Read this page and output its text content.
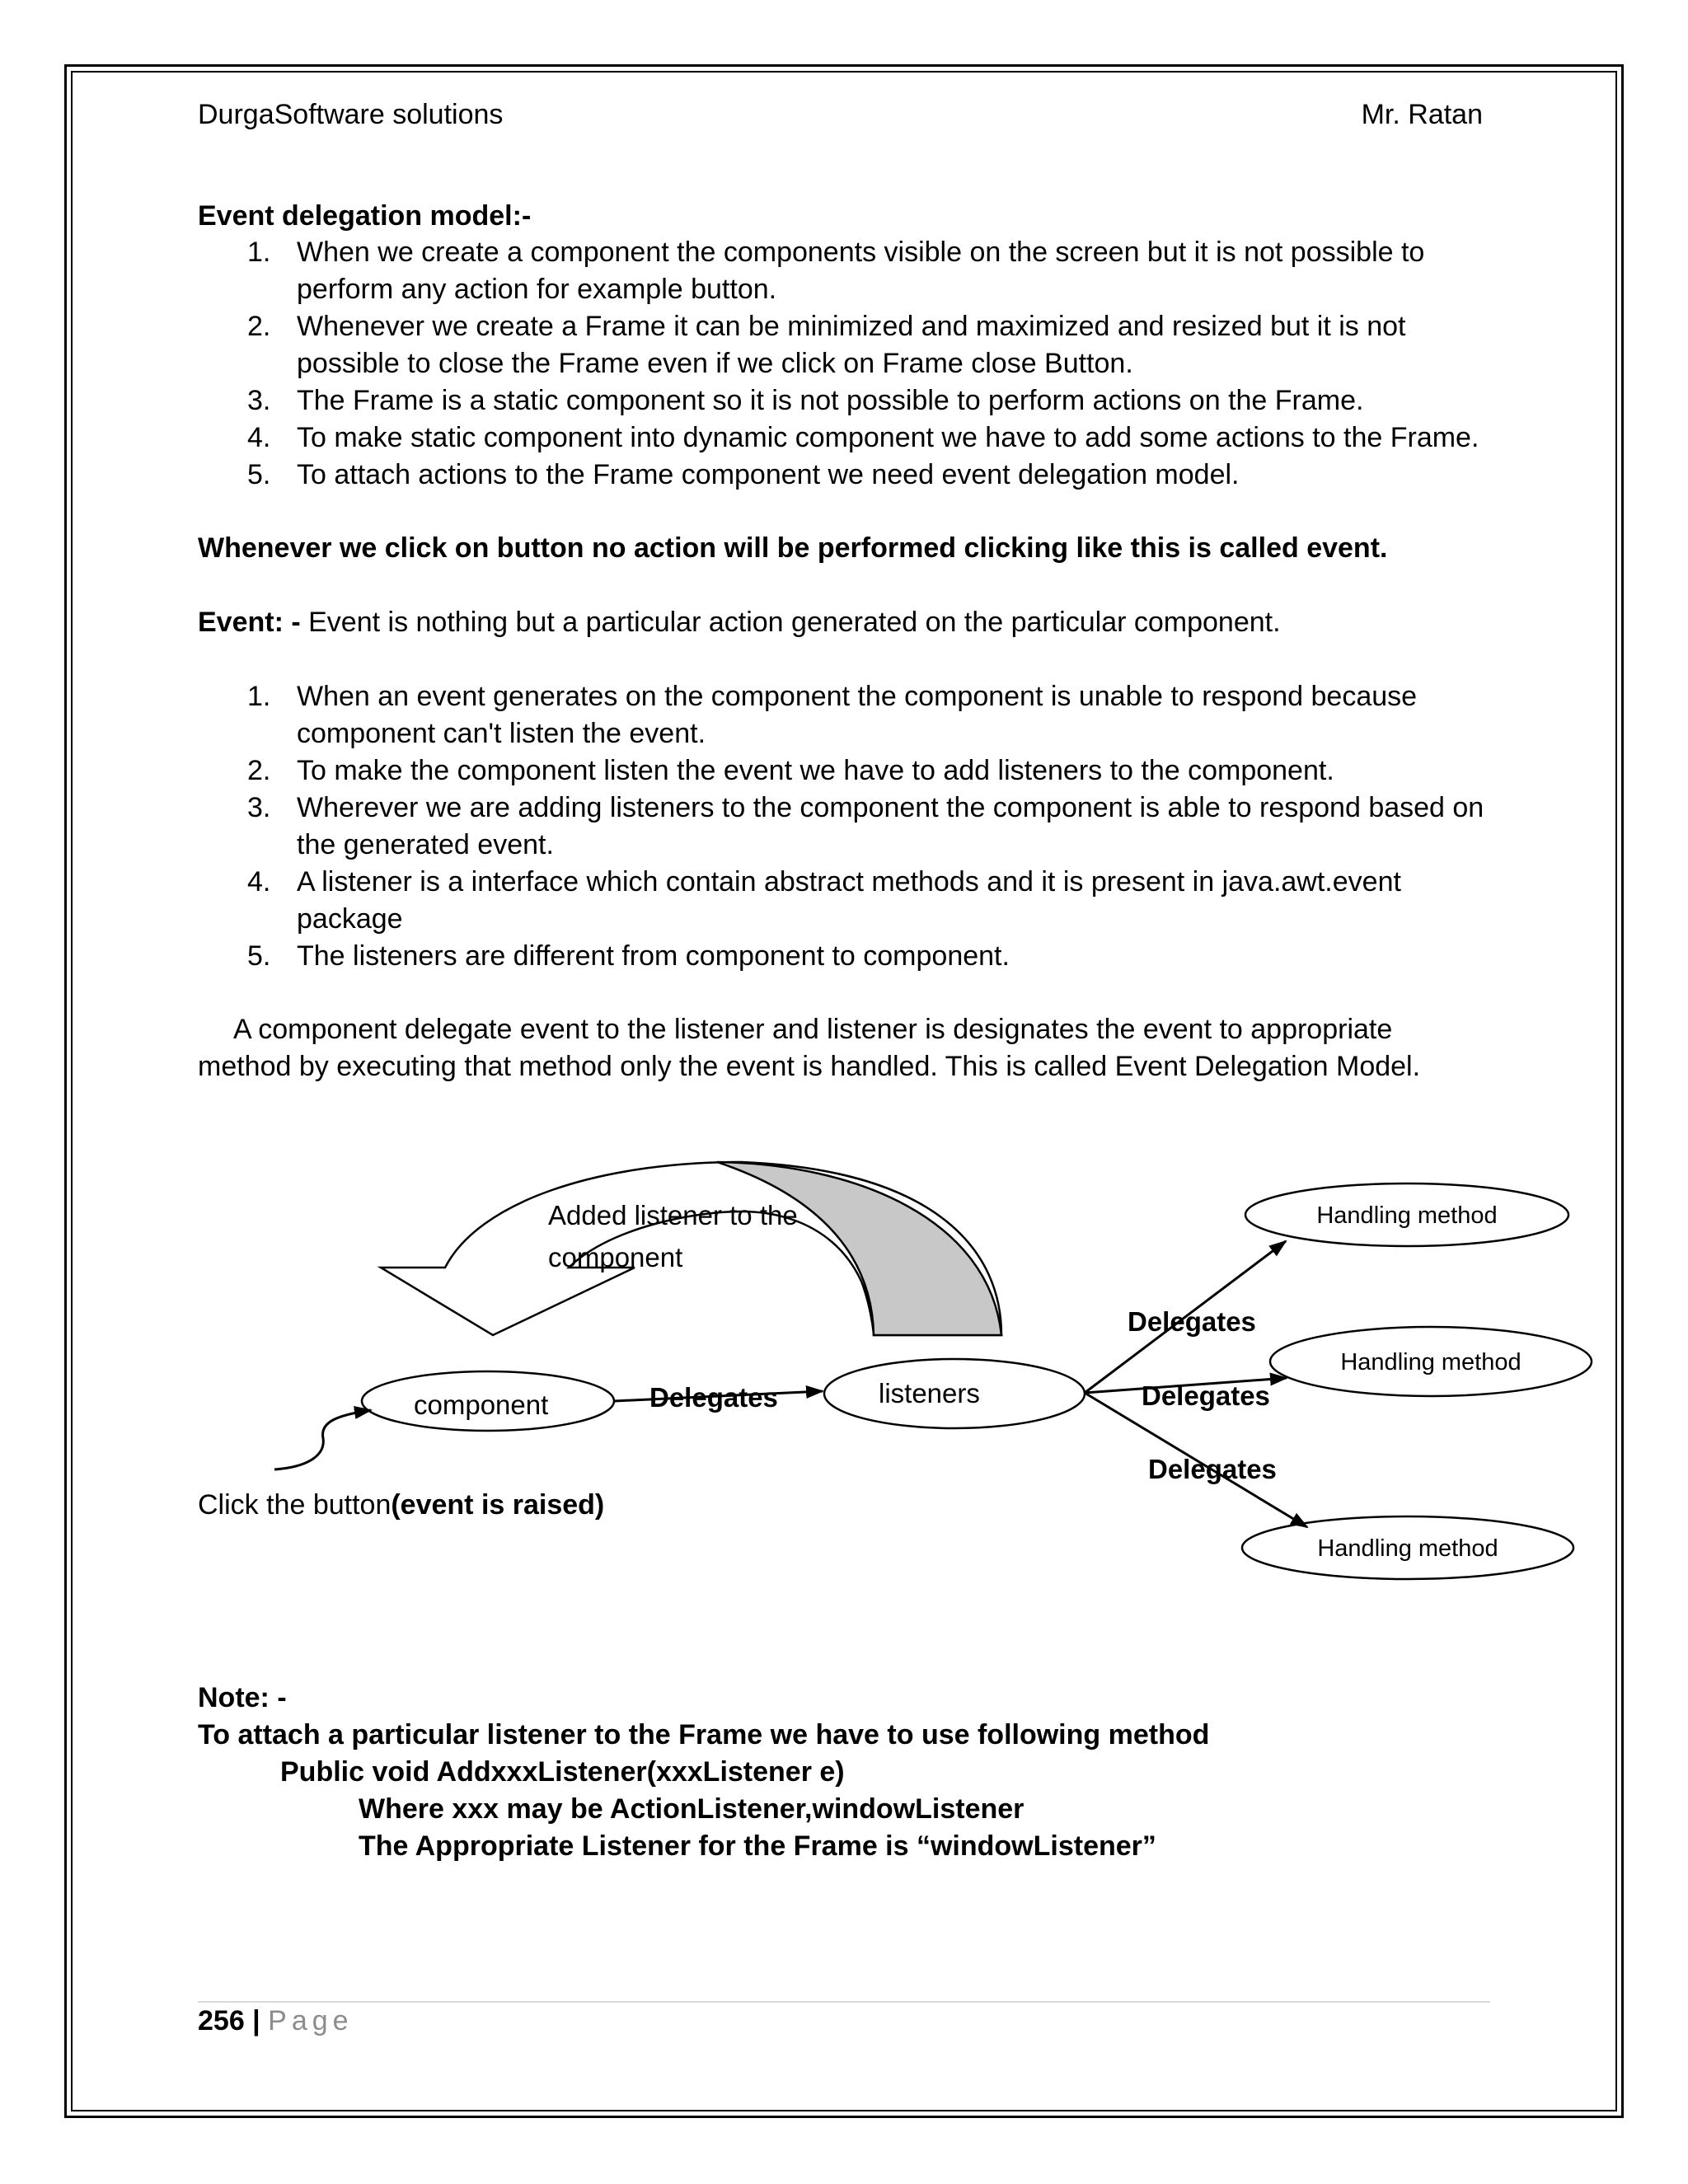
DurgaSoftware solutions	Mr. Ratan
Event delegation model:-
1. When we create a component the components visible on the screen but it is not possible to perform any action for example button.
2. Whenever we create a Frame it can be minimized and maximized and resized but it is not possible to close the Frame even if we click on Frame close Button.
3. The Frame is a static component so it is not possible to perform actions on the Frame.
4. To make static component into dynamic component we have to add some actions to the Frame.
5. To attach actions to the Frame component we need event delegation model.
Whenever we click on button no action will be performed clicking like this is called event.
Event: - Event is nothing but a particular action generated on the particular component.
1. When an event generates on the component the component is unable to respond because component can't listen the event.
2. To make the component listen the event we have to add listeners to the component.
3. Wherever we are adding listeners to the component the component is able to respond based on the generated event.
4. A listener is a interface which contain abstract methods and it is present in java.awt.event package
5. The listeners are different from component to component.
A component delegate event to the listener and listener is designates the event to appropriate
method by executing that method only the event is handled. This is called Event Delegation Model.
Added listener to the
component
component	listeners
Delegates
Handling method
Handling method
Handling method
Delegates
Delegates
Delegates
Click the button(event is raised)
Note: -
To attach a particular listener to the Frame we have to use following method
Public void AddxxxListener(xxxListener e)
Where xxx may be ActionListener,windowListener
The Appropriate Listener for the Frame is “windowListener”
256 | Page
